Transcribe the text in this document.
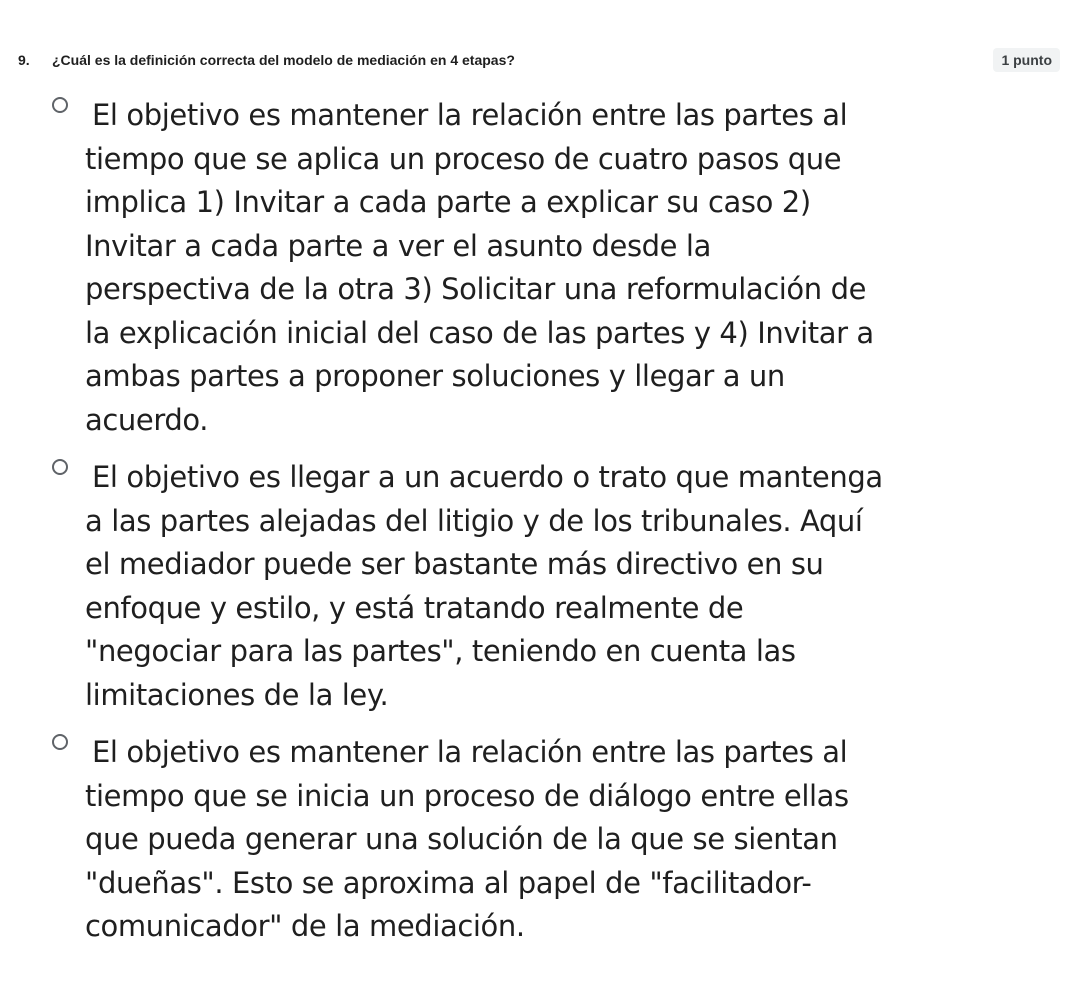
9. ¿Cuál es la definición correcta del modelo de mediación en 4 etapas?	1 punto
El objetivo es mantener la relación entre las partes al tiempo que se aplica un proceso de cuatro pasos que implica 1) Invitar a cada parte a explicar su caso 2) Invitar a cada parte a ver el asunto desde la perspectiva de la otra 3) Solicitar una reformulación de la explicación inicial del caso de las partes y 4) Invitar a ambas partes a proponer soluciones y llegar a un acuerdo.
El objetivo es llegar a un acuerdo o trato que mantenga a las partes alejadas del litigio y de los tribunales. Aquí el mediador puede ser bastante más directivo en su enfoque y estilo, y está tratando realmente de "negociar para las partes", teniendo en cuenta las limitaciones de la ley.
El objetivo es mantener la relación entre las partes al tiempo que se inicia un proceso de diálogo entre ellas que pueda generar una solución de la que se sientan "dueñas". Esto se aproxima al papel de "facilitador-comunicador" de la mediación.
